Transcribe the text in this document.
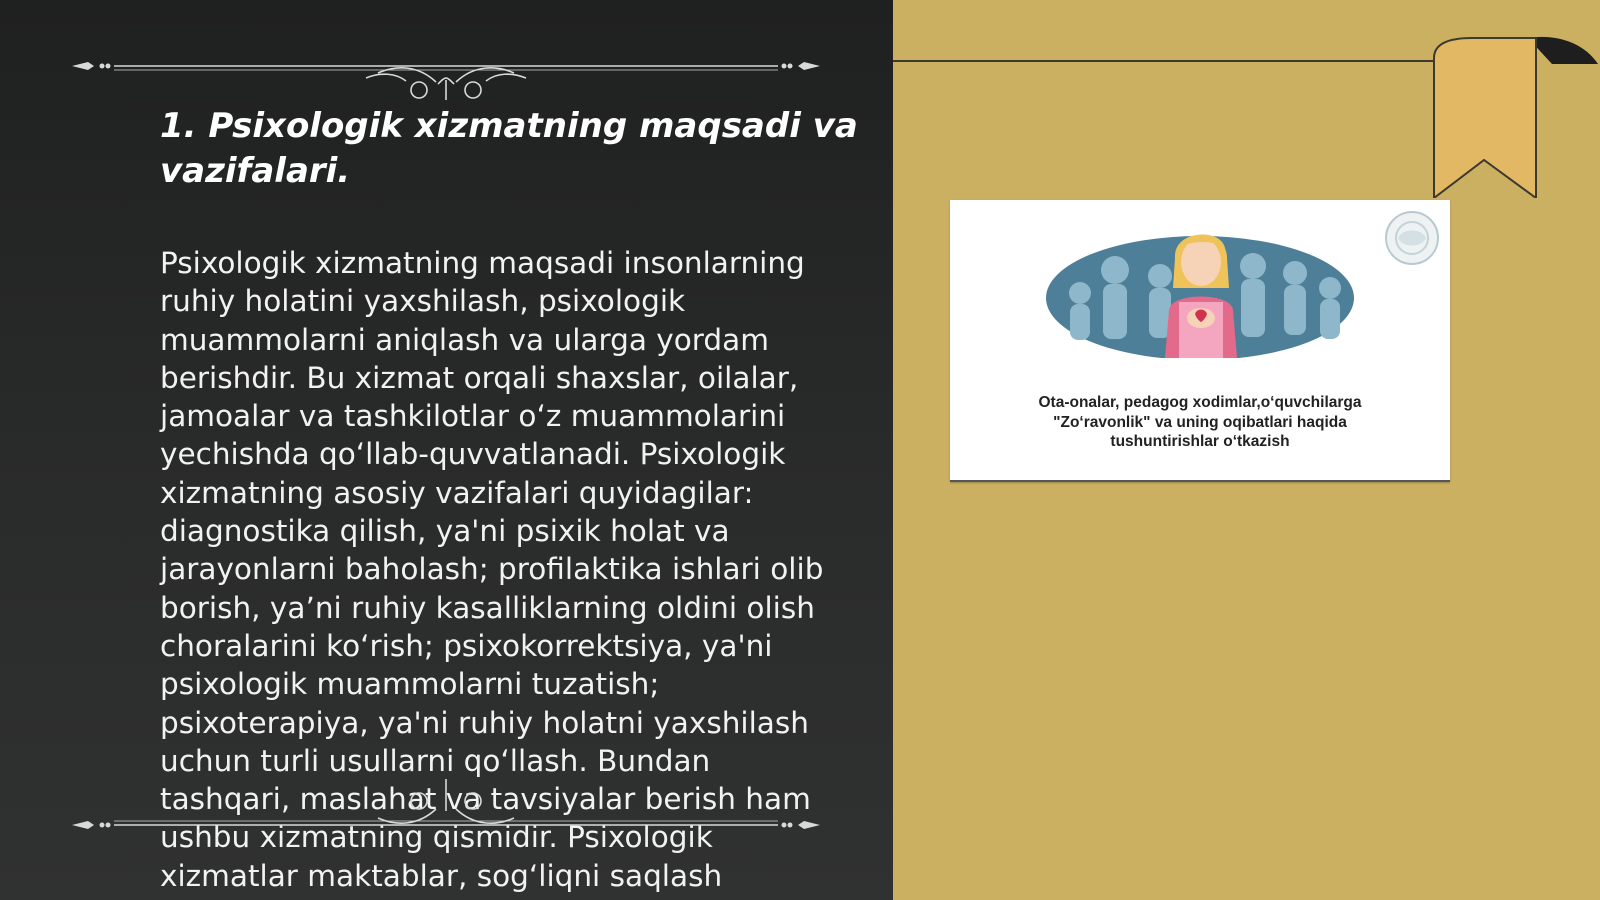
1. Psixologik xizmatning maqsadi va vazifalari.

Psixologik xizmatning maqsadi insonlarning ruhiy holatini yaxshilash, psixologik muammolarni aniqlash va ularga yordam berishdir. Bu xizmat orqali shaxslar, oilalar, jamoalar va tashkilotlar oʻz muammolarini yechishda qoʻllab-quvvatlanadi. Psixologik xizmatning asosiy vazifalari quyidagilar: diagnostika qilish, ya'ni psixik holat va jarayonlarni baholash; profilaktika ishlari olib borish, yaʼni ruhiy kasalliklarning oldini olish choralarini koʻrish; psixokorrektsiya, ya'ni psixologik muammolarni tuzatish; psixoterapiya, ya'ni ruhiy holatni yaxshilash uchun turli usullarni qoʻllash. Bundan tashqari, maslahat va tavsiyalar berish ham ushbu xizmatning qismidir. Psixologik xizmatlar maktablar, sogʻliqni saqlash

Ota-onalar, pedagog xodimlar,oʻquvchilarga
"Zoʻravonlik" va uning oqibatlari haqida
tushuntirishlar oʻtkazish
